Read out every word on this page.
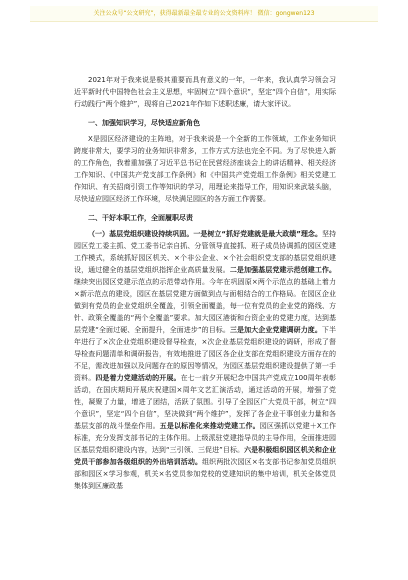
关注公众号“公文研究”，获得最新最全最专业的公文资料库！ 微信：gongwen123

2021年对于我来说是极其重要而具有意义的一年，一年来，我认真学习领会习近平新时代中国特色社会主义思想，牢固树立“四个意识”，坚定“四个自信”，用实际行动践行“两个维护”，现将自己2021年作如下述职述廉，请大家评议。

一、加强知识学习，尽快适应新角色

X是园区经济建设的主阵地，对于我来说是一个全新的工作领域，工作业务知识跨度非常大，要学习的业务知识非常多，工作方式方法也完全不同。为了尽快进入新的工作角色，我着重加强了习近平总书记在民营经济座谈会上的讲话精神、相关经济工作知识、《中国共产党支部工作条例》和《中国共产党党组工作条例》相关党建工作知识、有关招商引资工作等知识的学习，用理论来指导工作，用知识来武装头脑，尽快适应园区经济工作环境，尽快满足园区的各方面工作需要。

二、干好本职工作，全面履职尽责

（一）基层党组织建设持续巩固。一是树立“抓好党建就是最大政绩”理念。坚持园区党工委主抓、党工委书记亲自抓、分管领导直接抓、班子成员协调抓的园区党建工作模式，系统抓好园区机关、×个非公企业、×个社会组织党支部的基层党组织建设，通过健全的基层党组织指挥企业高质量发展。二是加强基层党建示范创建工作。继续突出园区党建示范点的示范带动作用。今年在巩固原×两个示范点的基础上着力×新示范点的建设，园区在基层党建方面做到点与面相结合的工作格局。在园区企业做到有党员的企业党组织全覆盖，引领全面覆盖，每一位有党员的企业党的路线、方针、政策全覆盖的“两个全覆盖”要求。加大园区港街和台资企业的党建力度，达到基层党建“全面过硬、全面提升，全面进步”的目标。三是加大企业党建调研力度。下半年进行了×次企业党组织建设督导检查，×次企业基层党组织建设的调研，形成了督导检查问题清单和调研报告，有效地推进了园区各企业支部在党组织建设方面存在的不足，需改进加强以及问题存在的原因等情况，为园区基层党组织建设提供了第一手资料。四是着力党建活动的开展。在七一前夕开展纪念中国共产党成立100周年表彰活动，在国庆期间开展庆祝建国×周年文艺汇演活动，通过活动的开展，增强了党性，凝聚了力量，增进了团结，活跃了氛围。引导了全园区广大党员干部，树立“四个意识”，坚定“四个自信”，坚决做到“两个维护”，发挥了各企业干事创业力量和各基层支部的战斗堡垒作用。五是以标准化来推动党建工作。园区强抓以党建＋X工作标准，充分发挥支部书记的主体作用。上级派驻党建指导员的主导作用，全面推进园区基层党组织建设内容，达到“三引领、三促进”目标。六是积极组织园区机关和企业党员干部参加各级组织的外出培训活动。组织两批次园区×名支部书记参加党员组织部和园区×学习参观，机关×名党员参加党校的党建知识的集中培训，机关全体党员集体到区廉政基
